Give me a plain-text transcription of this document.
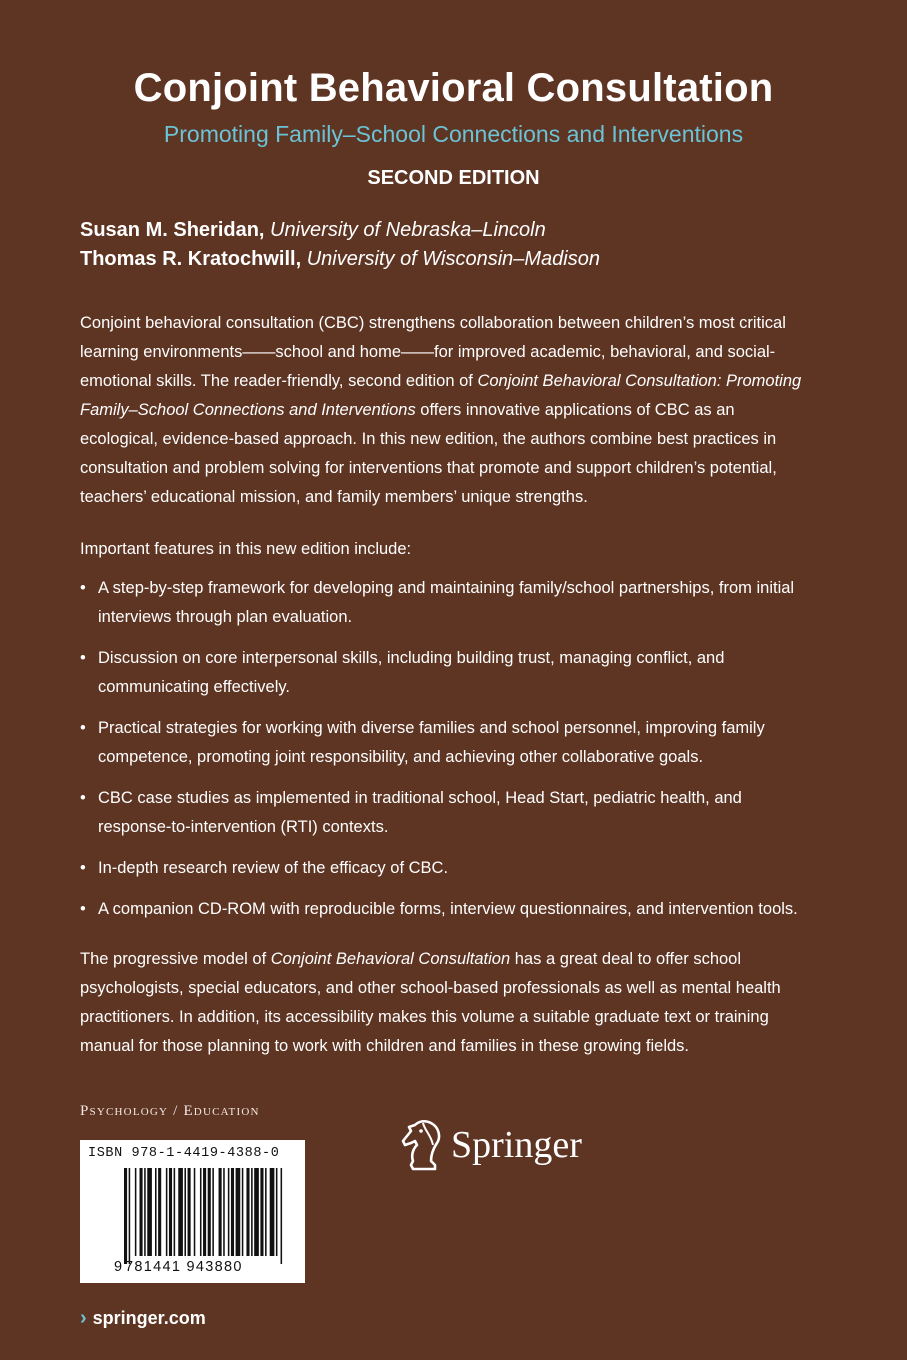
Conjoint Behavioral Consultation
Promoting Family–School Connections and Interventions
SECOND EDITION
Susan M. Sheridan, University of Nebraska–Lincoln
Thomas R. Kratochwill, University of Wisconsin–Madison
Conjoint behavioral consultation (CBC) strengthens collaboration between children’s most critical learning environments——school and home——for improved academic, behavioral, and social-emotional skills. The reader-friendly, second edition of Conjoint Behavioral Consultation: Promoting Family–School Connections and Interventions offers innovative applications of CBC as an ecological, evidence-based approach. In this new edition, the authors combine best practices in consultation and problem solving for interventions that promote and support children’s potential, teachers’ educational mission, and family members’ unique strengths.
Important features in this new edition include:
• A step-by-step framework for developing and maintaining family/school partnerships, from initial interviews through plan evaluation.
• Discussion on core interpersonal skills, including building trust, managing conflict, and communicating effectively.
• Practical strategies for working with diverse families and school personnel, improving family competence, promoting joint responsibility, and achieving other collaborative goals.
• CBC case studies as implemented in traditional school, Head Start, pediatric health, and response-to-intervention (RTI) contexts.
• In-depth research review of the efficacy of CBC.
• A companion CD-ROM with reproducible forms, interview questionnaires, and intervention tools.
The progressive model of Conjoint Behavioral Consultation has a great deal to offer school psychologists, special educators, and other school-based professionals as well as mental health practitioners. In addition, its accessibility makes this volume a suitable graduate text or training manual for those planning to work with children and families in these growing fields.
Psychology / Education
Springer
ISBN 978-1-4419-4388-0
9 781441 943880
› springer.com
